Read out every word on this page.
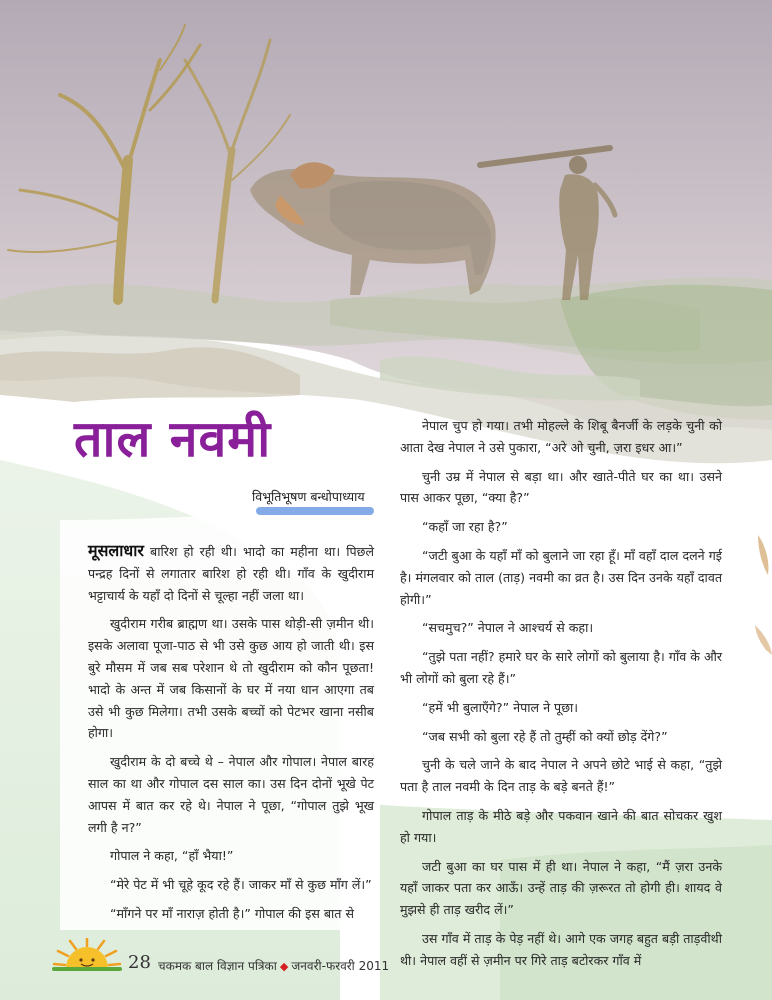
ताल नवमी
विभूतिभूषण बन्धोपाध्याय

मूसलाधार बारिश हो रही थी। भादो का महीना था। पिछले पन्द्रह दिनों से लगातार बारिश हो रही थी। गाँव के खुदीराम भट्टाचार्य के यहाँ दो दिनों से चूल्हा नहीं जला था।

खुदीराम गरीब ब्राह्मण था। उसके पास थोड़ी-सी ज़मीन थी। इसके अलावा पूजा-पाठ से भी उसे कुछ आय हो जाती थी। इस बुरे मौसम में जब सब परेशान थे तो खुदीराम को कौन पूछता! भादो के अन्त में जब किसानों के घर में नया धान आएगा तब उसे भी कुछ मिलेगा। तभी उसके बच्चों को पेटभर खाना नसीब होगा।

खुदीराम के दो बच्चे थे – नेपाल और गोपाल। नेपाल बारह साल का था और गोपाल दस साल का। उस दिन दोनों भूखे पेट आपस में बात कर रहे थे। नेपाल ने पूछा, “गोपाल तुझे भूख लगी है न?”

गोपाल ने कहा, “हाँ भैया!”

“मेरे पेट में भी चूहे कूद रहे हैं। जाकर माँ से कुछ माँग लें।”

“माँगने पर माँ नाराज़ होती है।” गोपाल की इस बात से

नेपाल चुप हो गया। तभी मोहल्ले के शिबू बैनर्जी के लड़के चुनी को आता देख नेपाल ने उसे पुकारा, “अरे ओ चुनी, ज़रा इधर आ।”

चुनी उम्र में नेपाल से बड़ा था। और खाते-पीते घर का था। उसने पास आकर पूछा, “क्या है?”

“कहाँ जा रहा है?”

“जटी बुआ के यहाँ माँ को बुलाने जा रहा हूँ। माँ वहाँ दाल दलने गई है। मंगलवार को ताल (ताड़) नवमी का व्रत है। उस दिन उनके यहाँ दावत होगी।”

“सचमुच?” नेपाल ने आश्चर्य से कहा।

“तुझे पता नहीं? हमारे घर के सारे लोगों को बुलाया है। गाँव के और भी लोगों को बुला रहे हैं।”

“हमें भी बुलाएँगे?” नेपाल ने पूछा।

“जब सभी को बुला रहे हैं तो तुम्हीं को क्यों छोड़ देंगे?”

चुनी के चले जाने के बाद नेपाल ने अपने छोटे भाई से कहा, “तुझे पता है ताल नवमी के दिन ताड़ के बड़े बनते हैं!”

गोपाल ताड़ के मीठे बड़े और पकवान खाने की बात सोचकर खुश हो गया।

जटी बुआ का घर पास में ही था। नेपाल ने कहा, “मैं ज़रा उनके यहाँ जाकर पता कर आऊँ। उन्हें ताड़ की ज़रूरत तो होगी ही। शायद वे मुझसे ही ताड़ खरीद लें।”

उस गाँव में ताड़ के पेड़ नहीं थे। आगे एक जगह बहुत बड़ी ताड़वीथी थी। नेपाल वहीं से ज़मीन पर गिरे ताड़ बटोरकर गाँव में

28 चकमक बाल विज्ञान पत्रिका ◆ जनवरी-फरवरी 2011
